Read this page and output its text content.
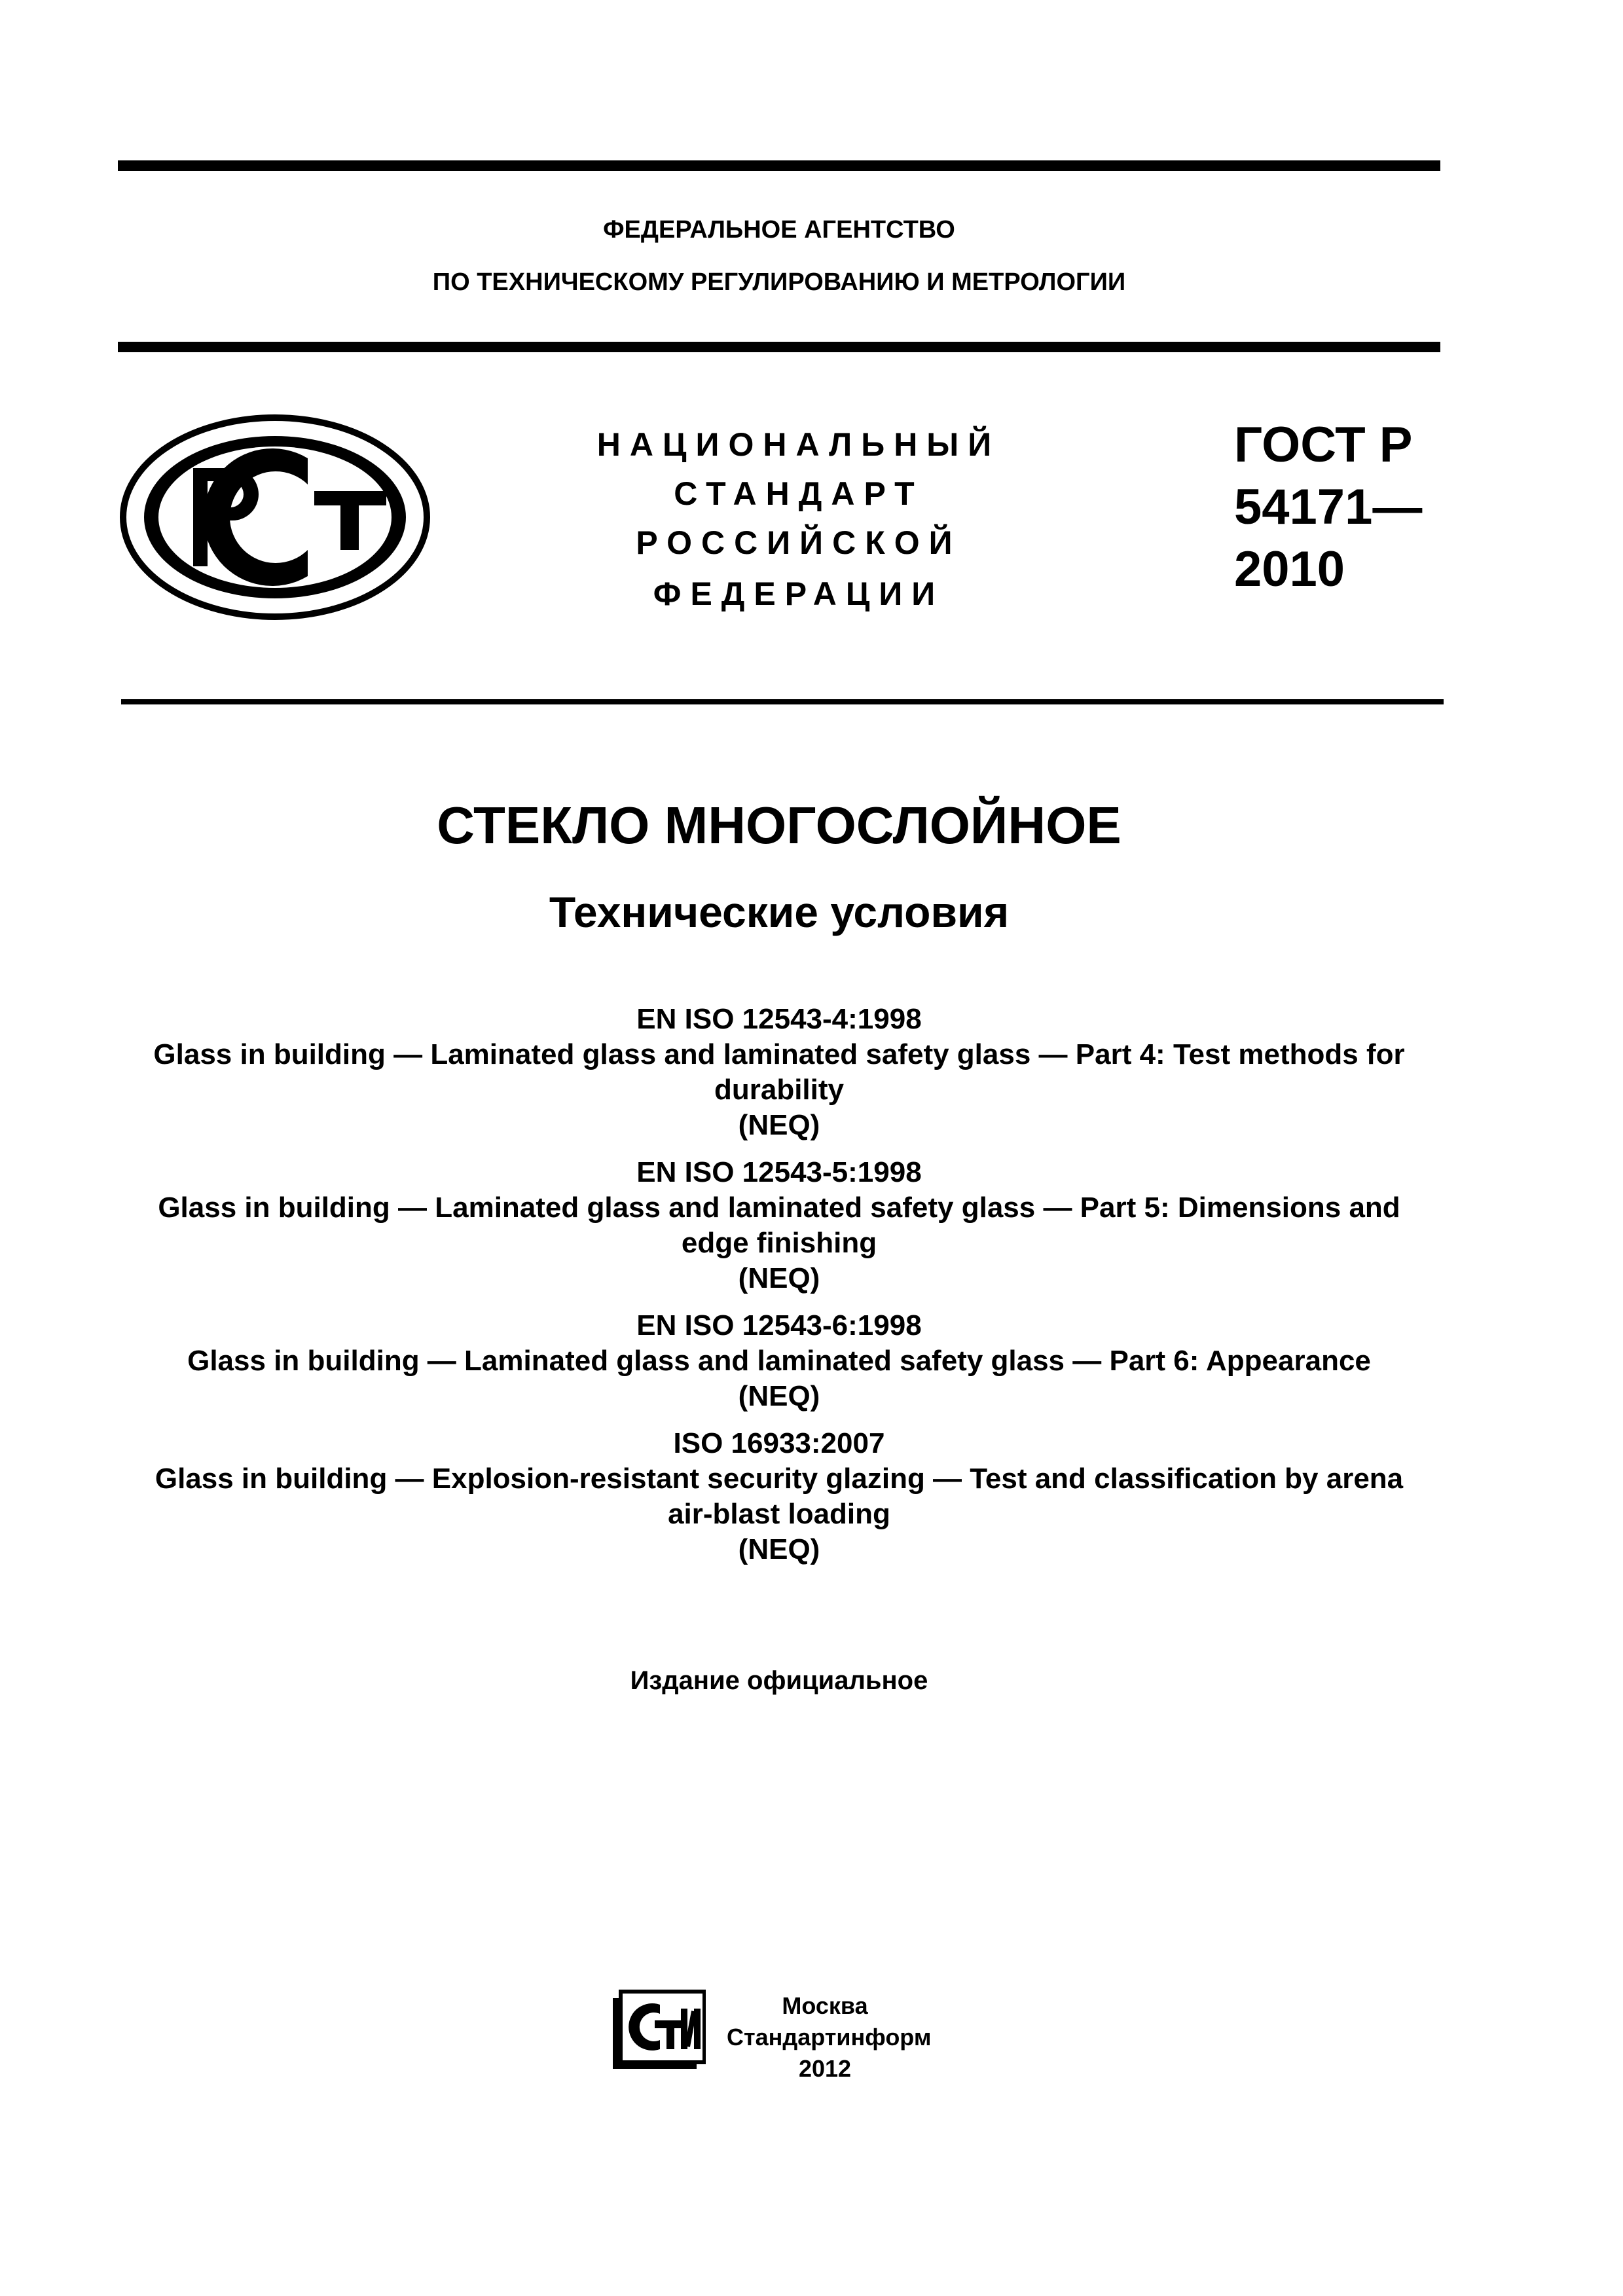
ФЕДЕРАЛЬНОЕ АГЕНТСТВО
ПО ТЕХНИЧЕСКОМУ РЕГУЛИРОВАНИЮ И МЕТРОЛОГИИ
НАЦИОНАЛЬНЫЙ
СТАНДАРТ
РОССИЙСКОЙ
ФЕДЕРАЦИИ
ГОСТ Р
54171—
2010
СТЕКЛО МНОГОСЛОЙНОЕ
Технические условия
EN ISO 12543-4:1998
Glass in building — Laminated glass and laminated safety glass — Part 4: Test methods for
durability
(NEQ)
EN ISO 12543-5:1998
Glass in building — Laminated glass and laminated safety glass — Part 5: Dimensions and
edge finishing
(NEQ)
EN ISO 12543-6:1998
Glass in building — Laminated glass and laminated safety glass — Part 6: Appearance
(NEQ)
ISO 16933:2007
Glass in building — Explosion-resistant security glazing — Test and classification by arena
air-blast loading
(NEQ)
Издание официальное
Москва
Стандартинформ
2012
